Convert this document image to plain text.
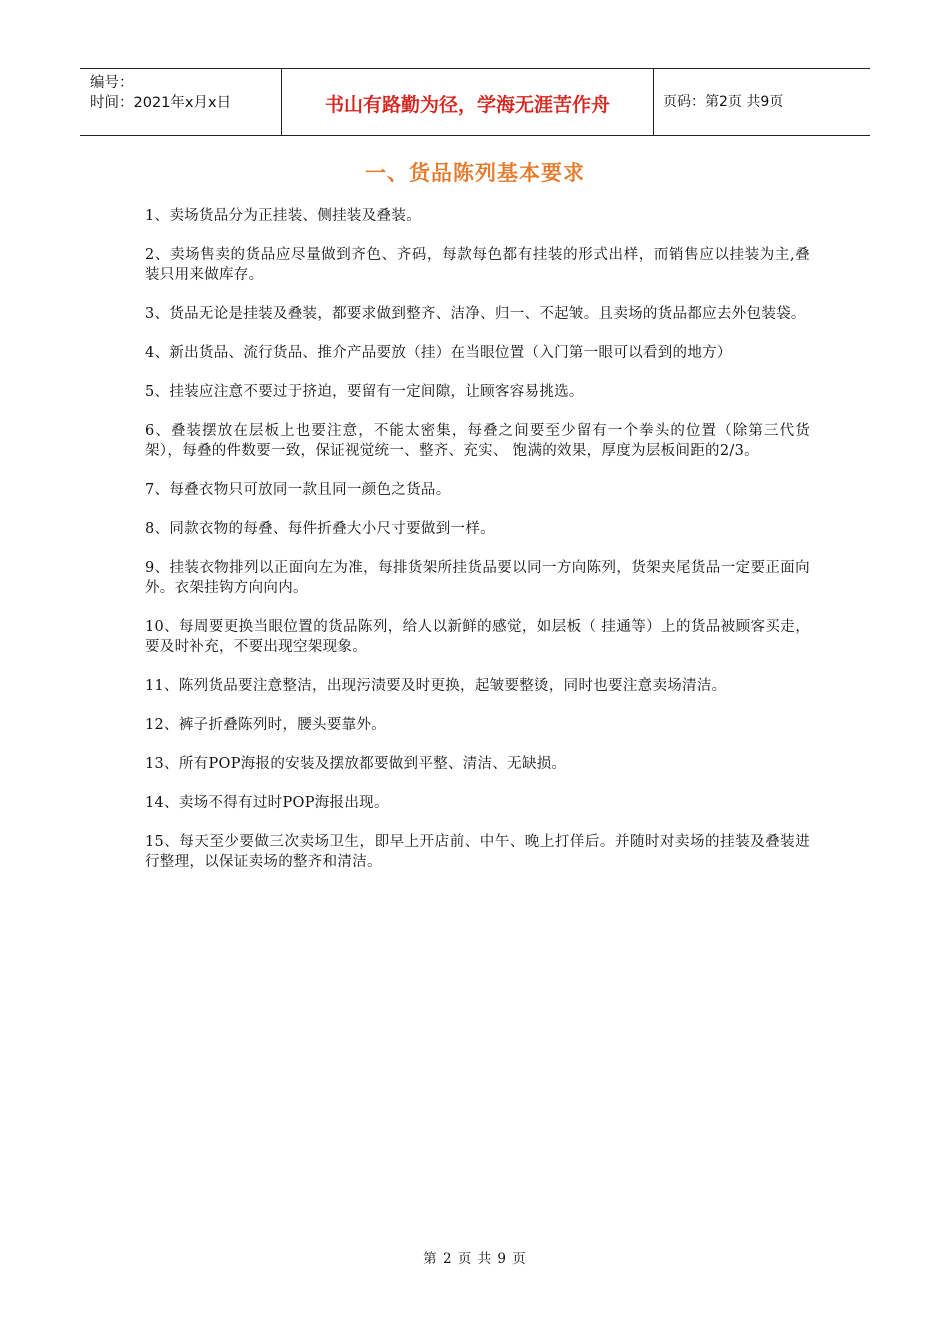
编号：
时间：2021年x月x日	书山有路勤为径，学海无涯苦作舟	页码：第2页 共9页
一、货品陈列基本要求

1、卖场货品分为正挂装、侧挂装及叠装。

2、卖场售卖的货品应尽量做到齐色、齐码，每款每色都有挂装的形式出样，而销售应以挂装为主,叠装只用来做库存。

3、货品无论是挂装及叠装，都要求做到整齐、洁净、归一、不起皱。且卖场的货品都应去外包装袋。

4、新出货品、流行货品、推介产品要放（挂）在当眼位置（入门第一眼可以看到的地方）

5、挂装应注意不要过于挤迫，要留有一定间隙，让顾客容易挑选。

6、叠装摆放在层板上也要注意，不能太密集，每叠之间要至少留有一个拳头的位置（除第三代货架），每叠的件数要一致，保证视觉统一、整齐、充实、 饱满的效果，厚度为层板间距的2/3。

7、每叠衣物只可放同一款且同一颜色之货品。

8、同款衣物的每叠、每件折叠大小尺寸要做到一样。

9、挂装衣物排列以正面向左为准，每排货架所挂货品要以同一方向陈列，货架夹尾货品一定要正面向外。衣架挂钩方向向内。

10、每周要更换当眼位置的货品陈列，给人以新鲜的感觉，如层板（ 挂通等）上的货品被顾客买走，要及时补充，不要出现空架现象。

11、陈列货品要注意整洁，出现污渍要及时更换，起皱要整烫，同时也要注意卖场清洁。

12、裤子折叠陈列时，腰头要靠外。

13、所有POP海报的安装及摆放都要做到平整、清洁、无缺损。

14、卖场不得有过时POP海报出现。

15、每天至少要做三次卖场卫生，即早上开店前、中午、晚上打佯后。并随时对卖场的挂装及叠装进行整理，以保证卖场的整齐和清洁。

第 2 页 共 9 页
